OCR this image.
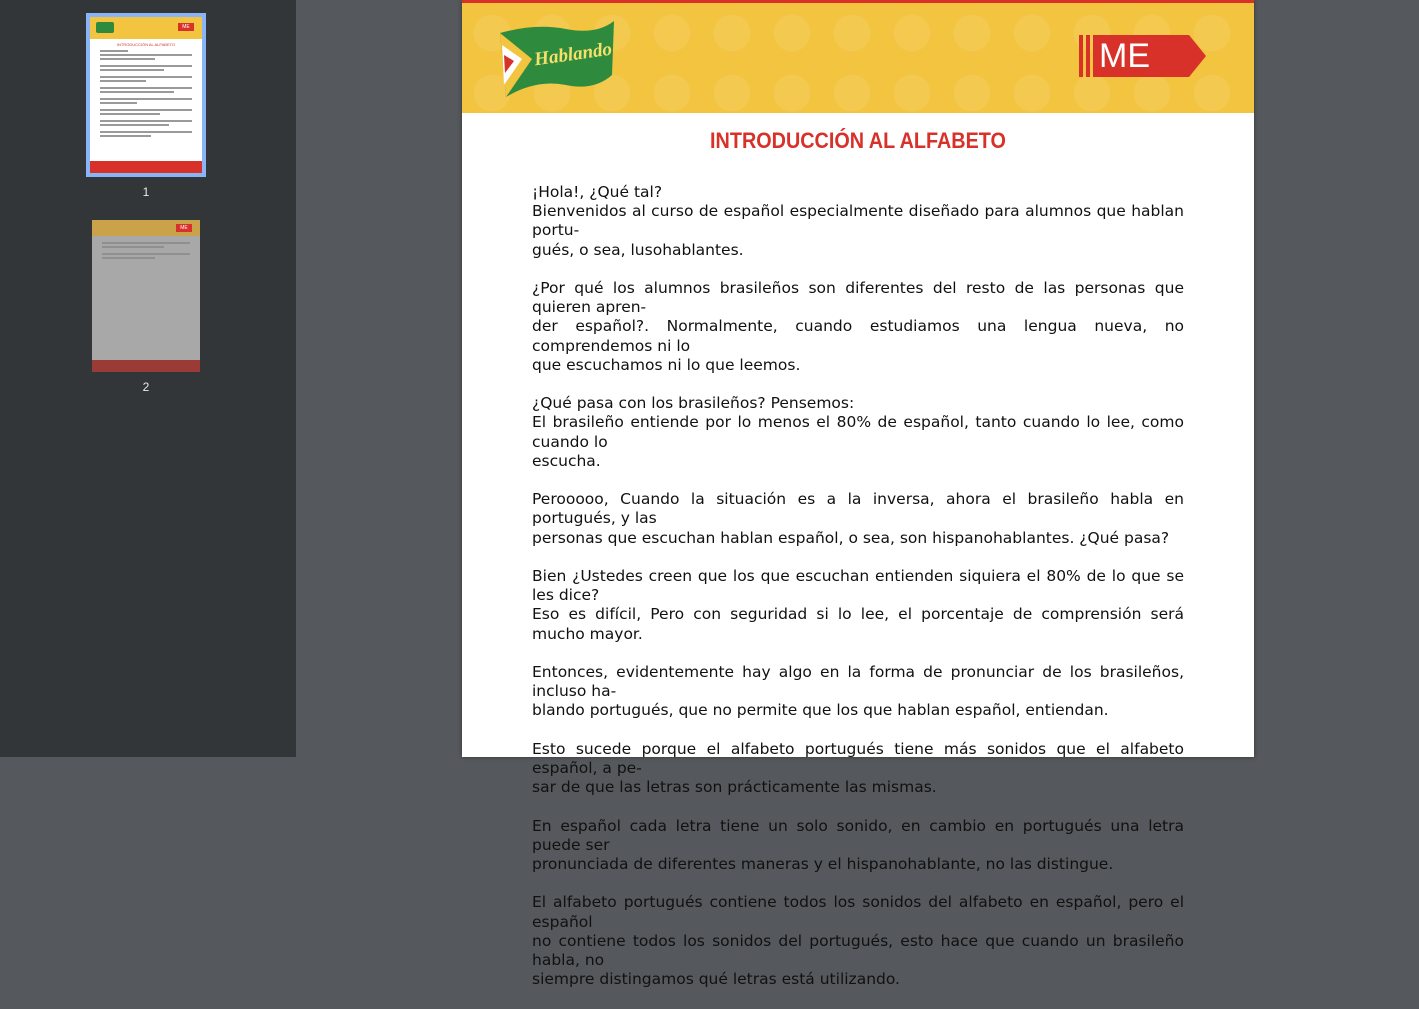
ME
INTRODUCCIÓN AL ALFABETO
1
ME
2
Hablando	ME
INTRODUCCIÓN AL ALFABETO

¡Hola!, ¿Qué tal?
Bienvenidos al curso de español especialmente diseñado para alumnos que hablan portu-
gués, o sea, lusohablantes.

¿Por qué los alumnos brasileños son diferentes del resto de las personas que quieren apren-
der español?. Normalmente, cuando estudiamos una lengua nueva, no comprendemos ni lo
que escuchamos ni lo que leemos.

¿Qué pasa con los brasileños? Pensemos:
El brasileño entiende por lo menos el 80% de español, tanto cuando lo lee, como cuando lo
escucha.

Perooooo, Cuando la situación es a la inversa, ahora el brasileño habla en portugués, y las
personas que escuchan hablan español, o sea, son hispanohablantes. ¿Qué pasa?

Bien ¿Ustedes creen que los que escuchan entienden siquiera el 80% de lo que se les dice?
Eso es difícil, Pero con seguridad si lo lee, el porcentaje de comprensión será mucho mayor.

Entonces, evidentemente hay algo en la forma de pronunciar de los brasileños, incluso ha-
blando portugués, que no permite que los que hablan español, entiendan.

Esto sucede porque el alfabeto portugués tiene más sonidos que el alfabeto español, a pe-
sar de que las letras son prácticamente las mismas.

En español cada letra tiene un solo sonido, en cambio en portugués una letra puede ser
pronunciada de diferentes maneras y el hispanohablante, no las distingue.

El alfabeto portugués contiene todos los sonidos del alfabeto en español, pero el español
no contiene todos los sonidos del portugués, esto hace que cuando un brasileño habla, no
siempre distingamos qué letras está utilizando.
